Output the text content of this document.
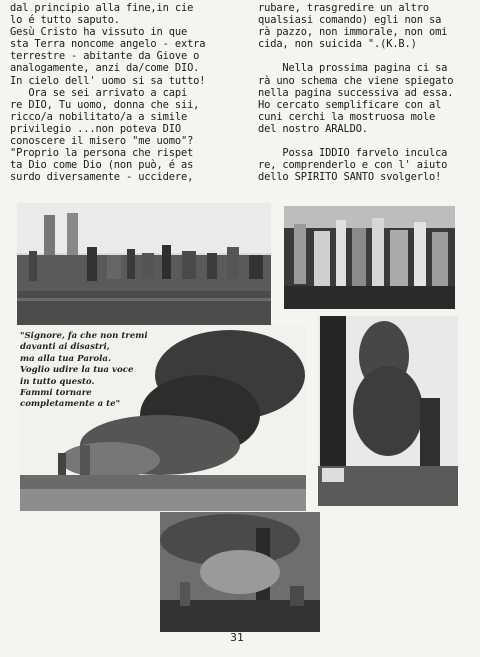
dal principio alla fine,in cie
lo é tutto saputo.
Gesù Cristo ha vissuto in que
sta Terra noncome angelo - extra
terrestre - abitante da Giove o
analogamente, anzi da/come DIO.
In cielo dell' uomo si sa tutto!
Ora se sei arrivato a capi
re DIO, Tu uomo, donna che sii,
ricco/a nobilitato/a a simile
privilegio ...non poteva DIO
conoscere il misero "me uomo"?
"Proprio la persona che rispet
ta Dio come Dio (non può, é as
surdo diversamente - uccidere,
rubare, trasgredire un altro
qualsiasi comando) egli non sa
rà pazzo, non immorale, non omi
cida, non suicida ".(K.B.)

Nella prossima pagina ci sa
rà uno schema che viene spiegato
nella pagina successiva ad essa.
Ho cercato semplificare con al
cuni cerchi la mostruosa mole
del nostro ARALDO.

Possa IDDIO farvelo inculca
re, comprenderlo e con l' aiuto
dello SPIRITO SANTO svolgerlo!
"Signore, fa che non tremi
davanti ai disastri,
ma alla tua Parola.
Voglio udire la tua voce
in tutto questo.
Fammi tornare
completamente a te"
31
